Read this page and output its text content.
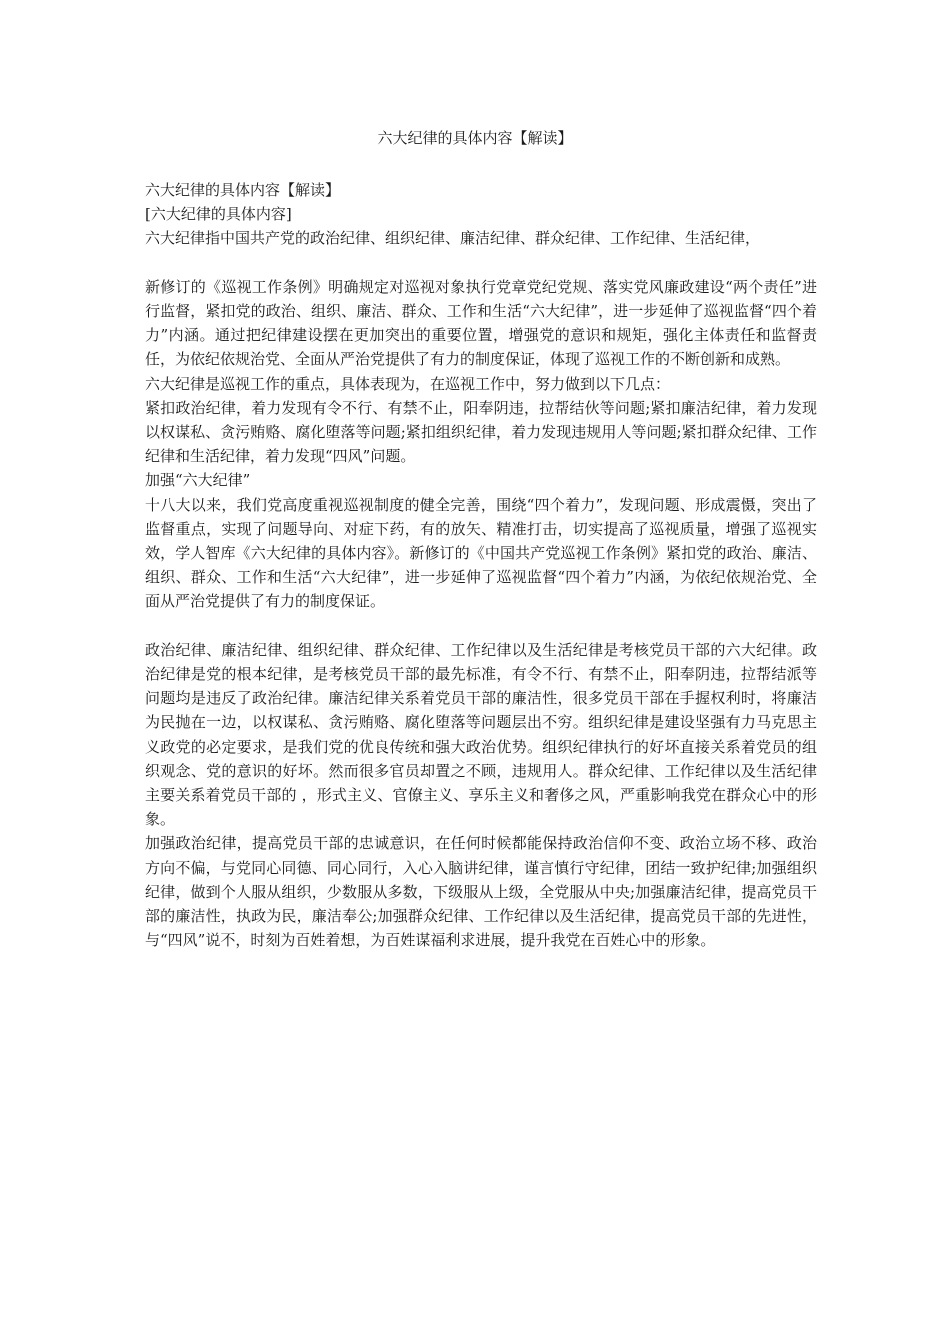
六大纪律的具体内容【解读】

六大纪律的具体内容【解读】

[六大纪律的具体内容]

六大纪律指中国共产党的政治纪律、组织纪律、廉洁纪律、群众纪律、工作纪律、生活纪律，

新修订的《巡视工作条例》明确规定对巡视对象执行党章党纪党规、落实党风廉政建设“两个责任”进行监督，紧扣党的政治、组织、廉洁、群众、工作和生活“六大纪律”，进一步延伸了巡视监督“四个着力”内涵。通过把纪律建设摆在更加突出的重要位置，增强党的意识和规矩，强化主体责任和监督责任，为依纪依规治党、全面从严治党提供了有力的制度保证，体现了巡视工作的不断创新和成熟。

六大纪律是巡视工作的重点，具体表现为，在巡视工作中，努力做到以下几点：

紧扣政治纪律，着力发现有令不行、有禁不止，阳奉阴违，拉帮结伙等问题;紧扣廉洁纪律，着力发现以权谋私、贪污贿赂、腐化堕落等问题;紧扣组织纪律，着力发现违规用人等问题;紧扣群众纪律、工作纪律和生活纪律，着力发现“四风”问题。

加强“六大纪律”

十八大以来，我们党高度重视巡视制度的健全完善，围绕“四个着力”，发现问题、形成震慑，突出了监督重点，实现了问题导向、对症下药，有的放矢、精准打击，切实提高了巡视质量，增强了巡视实效，学人智库《六大纪律的具体内容》。新修订的《中国共产党巡视工作条例》紧扣党的政治、廉洁、组织、群众、工作和生活“六大纪律”，进一步延伸了巡视监督“四个着力”内涵，为依纪依规治党、全面从严治党提供了有力的制度保证。

政治纪律、廉洁纪律、组织纪律、群众纪律、工作纪律以及生活纪律是考核党员干部的六大纪律。政治纪律是党的根本纪律，是考核党员干部的最先标准，有令不行、有禁不止，阳奉阴违，拉帮结派等问题均是违反了政治纪律。廉洁纪律关系着党员干部的廉洁性，很多党员干部在手握权利时，将廉洁为民抛在一边，以权谋私、贪污贿赂、腐化堕落等问题层出不穷。组织纪律是建设坚强有力马克思主义政党的必定要求，是我们党的优良传统和强大政治优势。组织纪律执行的好坏直接关系着党员的组织观念、党的意识的好坏。然而很多官员却置之不顾，违规用人。群众纪律、工作纪律以及生活纪律主要关系着党员干部的 ，形式主义、官僚主义、享乐主义和奢侈之风，严重影响我党在群众心中的形象。

加强政治纪律，提高党员干部的忠诚意识，在任何时候都能保持政治信仰不变、政治立场不移、政治方向不偏，与党同心同德、同心同行，入心入脑讲纪律，谨言慎行守纪律，团结一致护纪律;加强组织纪律，做到个人服从组织，少数服从多数，下级服从上级，全党服从中央;加强廉洁纪律，提高党员干部的廉洁性，执政为民，廉洁奉公;加强群众纪律、工作纪律以及生活纪律，提高党员干部的先进性，与“四风”说不，时刻为百姓着想，为百姓谋福利求进展，提升我党在百姓心中的形象。
